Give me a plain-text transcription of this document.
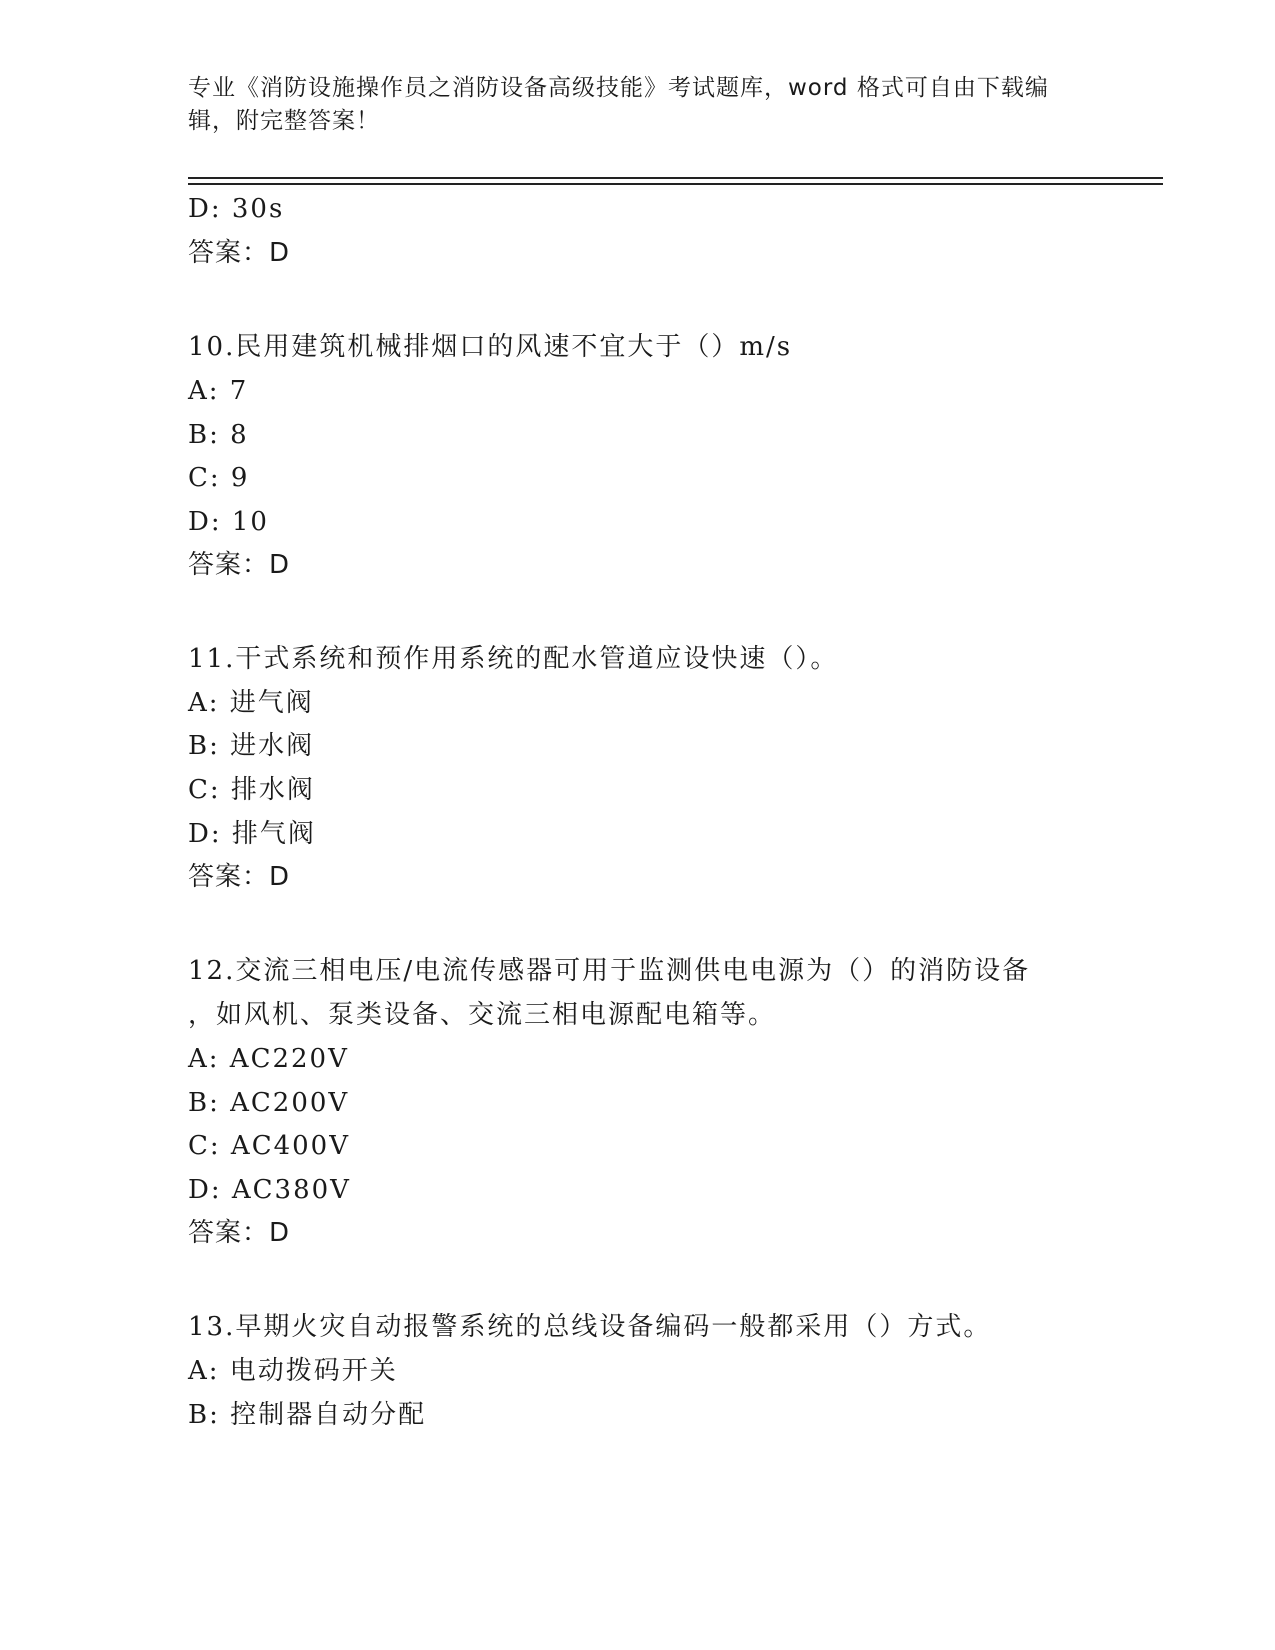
专业《消防设施操作员之消防设备高级技能》考试题库，word 格式可自由下载编
辑，附完整答案！
D: 30s
答案：D
10.民用建筑机械排烟口的风速不宜大于（）m/s
A: 7
B: 8
C: 9
D: 10
答案：D
11.干式系统和预作用系统的配水管道应设快速（）。
A: 进气阀
B: 进水阀
C: 排水阀
D: 排气阀
答案：D
12.交流三相电压/电流传感器可用于监测供电电源为（）的消防设备
，如风机、泵类设备、交流三相电源配电箱等。
A: AC220V
B: AC200V
C: AC400V
D: AC380V
答案：D
13.早期火灾自动报警系统的总线设备编码一般都采用（）方式。
A: 电动拨码开关
B: 控制器自动分配
